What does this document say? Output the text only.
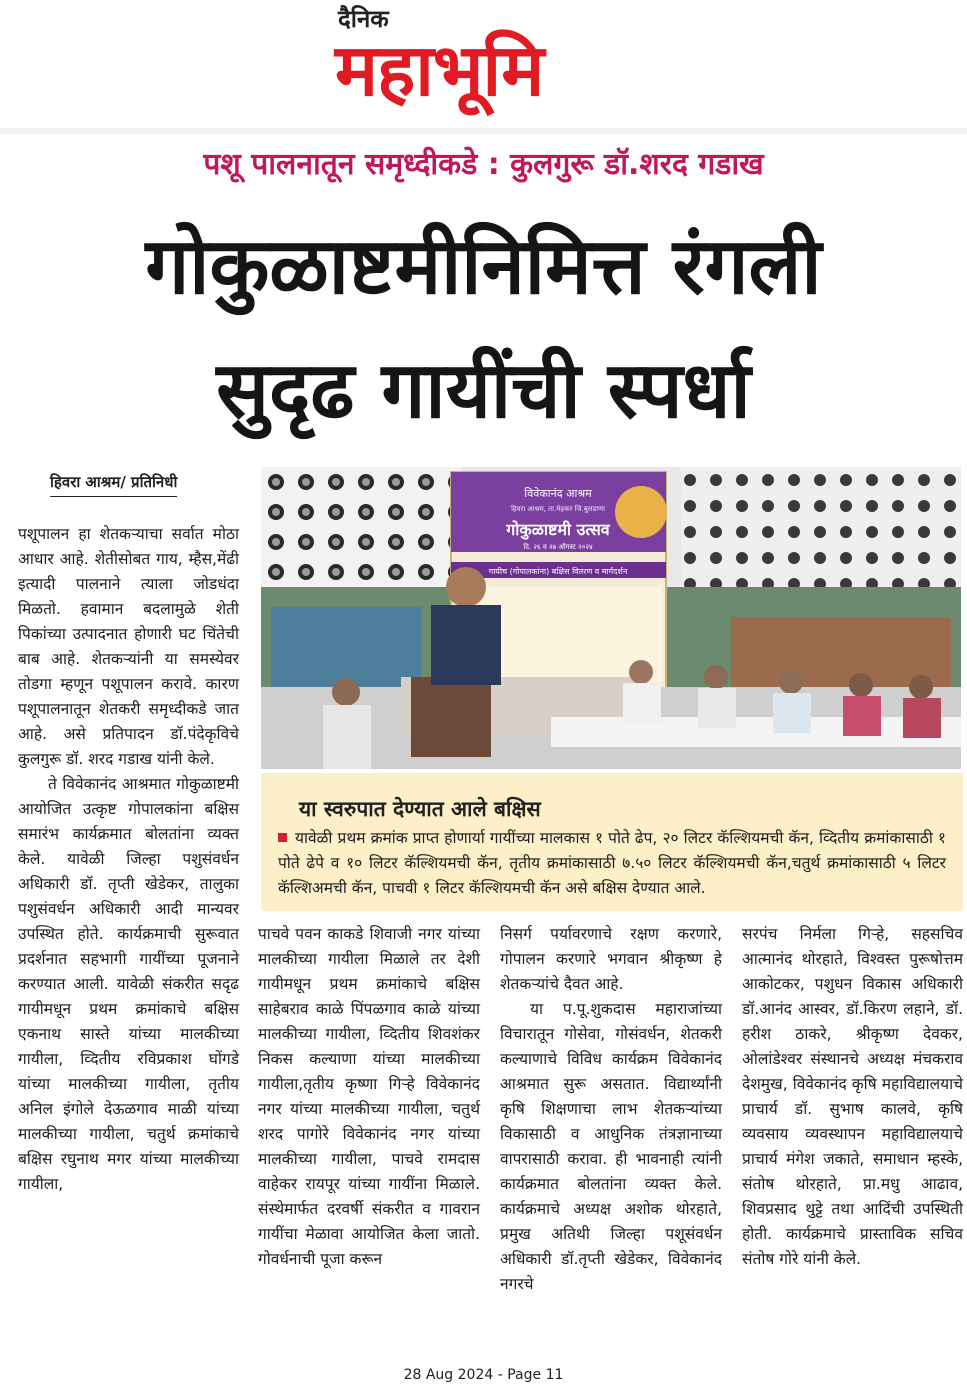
दैनिक
महाभूमि
पशू पालनातून समृध्दीकडे : कुलगुरू डॉ.शरद गडाख
गोकुळाष्टमीनिमित्त रंगली
सुदृढ गायींची स्पर्धा
हिवरा आश्रम/ प्रतिनिधी

पशूपालन हा शेतकऱ्याचा सर्वात मोठा आधार आहे. शेतीसोबत गाय, म्हैस,मेंढी इत्यादी पालनाने त्याला जोडधंदा मिळतो. हवामान बदलामुळे शेती पिकांच्या उत्पादनात होणारी घट चिंतेची बाब आहे. शेतकऱ्यांनी या समस्येवर तोडगा म्हणून पशूपालन करावे. कारण पशूपालनातून शेतकरी समृध्दीकडे जात आहे. असे प्रतिपादन डॉ.पंदेकृविचे कुलगुरू डॉ. शरद गडाख यांनी केले.

ते विवेकानंद आश्रमात गोकुळाष्टमी आयोजित उत्कृष्ट गोपालकांना बक्षिस समारंभ कार्यक्रमात बोलतांना व्यक्त केले. यावेळी जिल्हा पशुसंवर्धन अधिकारी डॉ. तृप्ती खेडेकर, तालुका पशुसंवर्धन अधिकारी आदी मान्यवर उपस्थित होते. कार्यक्रमाची सुरूवात प्रदर्शनात सहभागी गायींच्या पूजनाने करण्यात आली. यावेळी संकरीत सदृढ गायीमधून प्रथम क्रमांकाचे बक्षिस एकनाथ सास्ते यांच्या मालकीच्या गायीला, व्दितीय रविप्रकाश घोंगडे यांच्या मालकीच्या गायीला, तृतीय अनिल इंगोले देऊळगाव माळी यांच्या मालकीच्या गायीला, चतुर्थ क्रमांकाचे बक्षिस रघुनाथ मगर यांच्या मालकीच्या गायीला,

विवेकानंद आश्रम
हिवरा आश्रम, ता.मेहकर जि.बुलडाणा
गोकुळाष्टमी उत्सव
दि. २६ व २७ ऑगस्ट २०२४
गायीच (गोपालकांना) बक्षिस वितरण व मार्गदर्शन
या स्वरुपात देण्यात आले बक्षिस
यावेळी प्रथम क्रमांक प्राप्त होणार्या गायींच्या मालकास १ पोते ढेप, २० लिटर कॅल्शियमची कॅन, व्दितीय क्रमांकासाठी १ पोते ढेपे व १० लिटर कॅल्शियमची कॅन, तृतीय क्रमांकासाठी ७.५० लिटर कॅल्शियमची कॅन,चतुर्थ क्रमांकासाठी ५ लिटर कॅल्शिअमची कॅन, पाचवी १ लिटर कॅल्शियमची कॅन असे बक्षिस देण्यात आले.

पाचवे पवन काकडे शिवाजी नगर यांच्या मालकीच्या गायीला मिळाले तर देशी गायीमधून प्रथम क्रमांकाचे बक्षिस साहेबराव काळे पिंपळगाव काळे यांच्या मालकीच्या गायीला, व्दितीय शिवशंकर निकस कल्याणा यांच्या मालकीच्या गायीला,तृतीय कृष्णा गिऱ्हे विवेकानंद नगर यांच्या मालकीच्या गायीला, चतुर्थ शरद पागोरे विवेकानंद नगर यांच्या मालकीच्या गायीला, पाचवे रामदास वाहेकर रायपूर यांच्या गायींना मिळाले. संस्थेमार्फत दरवर्षी संकरीत व गावरान गायींचा मेळावा आयोजित केला जातो. गोवर्धनाची पूजा करून

निसर्ग पर्यावरणाचे रक्षण करणारे, गोपालन करणारे भगवान श्रीकृष्ण हे शेतकऱ्यांचे दैवत आहे.

या प.पू.शुकदास महाराजांच्या विचारातून गोसेवा, गोसंवर्धन, शेतकरी कल्याणाचे विविध कार्यक्रम विवेकानंद आश्रमात सुरू असतात. विद्यार्थ्यांनी कृषि शिक्षणाचा लाभ शेतकऱ्यांच्या विकासाठी व आधुनिक तंत्रज्ञानाच्या वापरासाठी करावा. ही भावनाही त्यांनी कार्यक्रमात बोलतांना व्यक्त केले. कार्यक्रमाचे अध्यक्ष अशोक थोरहाते, प्रमुख अतिथी जिल्हा पशूसंवर्धन अधिकारी डॉ.तृप्ती खेडेकर, विवेकानंद नगरचे

सरपंच निर्मला गिऱ्हे, सहसचिव आत्मानंद थोरहाते, विश्वस्त पुरूषोत्तम आकोटकर, पशुधन विकास अधिकारी डॉ.आनंद आस्वर, डॉ.किरण लहाने, डॉ. हरीश ठाकरे, श्रीकृष्ण देवकर, ओलांडेश्वर संस्थानचे अध्यक्ष मंचकराव देशमुख, विवेकानंद कृषि महाविद्यालयाचे प्राचार्य डॉ. सुभाष कालवे, कृषि व्यवसाय व्यवस्थापन महाविद्यालयाचे प्राचार्य मंगेश जकाते, समाधान म्हस्के, संतोष थोरहाते, प्रा.मधु आढाव, शिवप्रसाद थुट्टे तथा आदिंची उपस्थिती होती. कार्यक्रमाचे प्रास्ताविक सचिव संतोष गोरे यांनी केले.

28 Aug 2024 - Page 11
